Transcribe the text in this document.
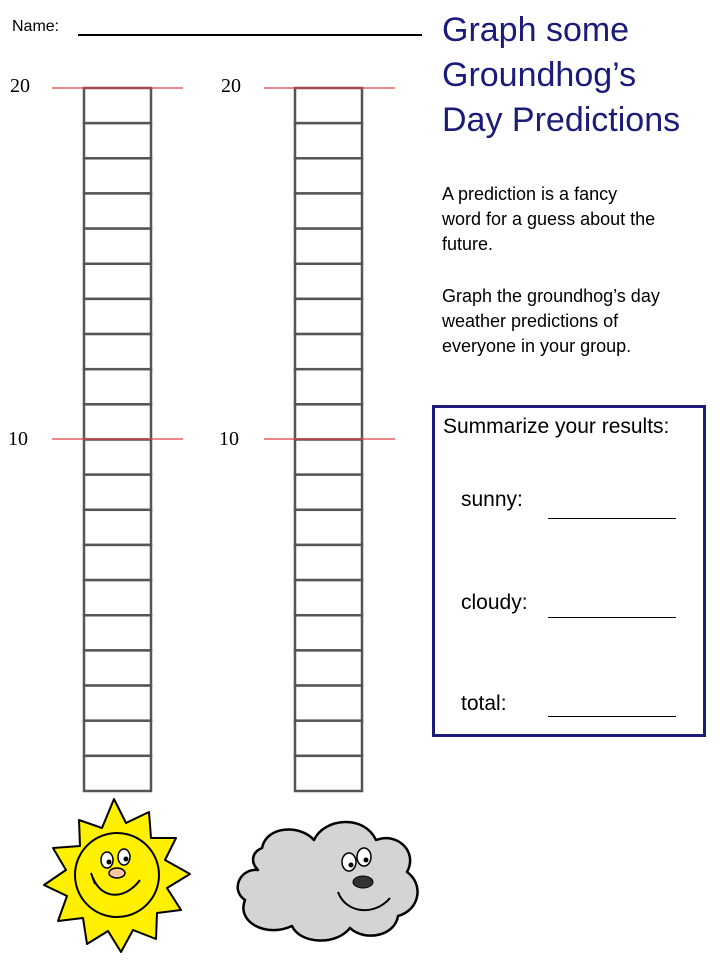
Name:	Graph some
Groundhog’s
Day Predictions
A prediction is a fancy
word for a guess about the
future.
Graph the groundhog’s day
weather predictions of
everyone in your group.
20
10
20
10
Summarize your results:
sunny:
cloudy:
total:
